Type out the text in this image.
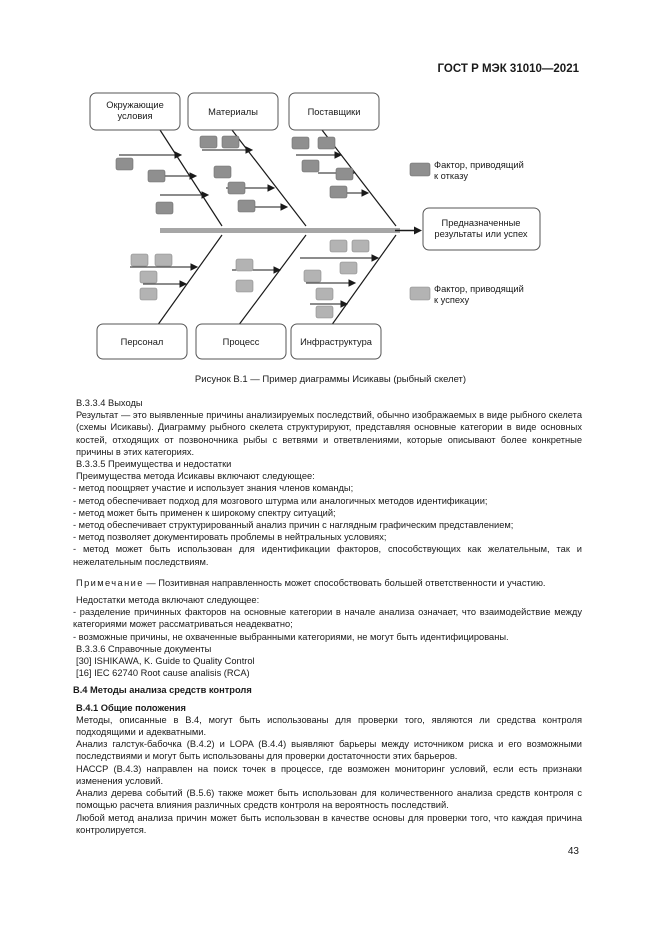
ГОСТ Р МЭК 31010—2021
Окружающие условия	Материалы	Поставщики
Персонал	Процесс	Инфраструктура
Предназначенные результаты или успех
Фактор, приводящий к отказу
Фактор, приводящий к успеху
Рисунок В.1 — Пример диаграммы Исикавы (рыбный скелет)

B.3.3.4 Выходы

Результат — это выявленные причины анализируемых последствий, обычно изображаемых в виде рыбного скелета (схемы Исикавы). Диаграмму рыбного скелета структурируют, представляя основные категории в виде основных костей, отходящих от позвоночника рыбы с ветвями и ответвлениями, которые описывают более конкретные причины в этих категориях.

B.3.3.5 Преимущества и недостатки

Преимущества метода Исикавы включают следующее:

- метод поощряет участие и использует знания членов команды;

- метод обеспечивает подход для мозгового штурма или аналогичных методов идентификации;

- метод может быть применен к широкому спектру ситуаций;

- метод обеспечивает структурированный анализ причин с наглядным графическим представлением;

- метод позволяет документировать проблемы в нейтральных условиях;

- метод может быть использован для идентификации факторов, способствующих как желательным, так и нежелательным последствиям.

Примечание — Позитивная направленность может способствовать большей ответственности и участию.

Недостатки метода включают следующее:

- разделение причинных факторов на основные категории в начале анализа означает, что взаимодействие между категориями может рассматриваться неадекватно;

- возможные причины, не охваченные выбранными категориями, не могут быть идентифицированы.

B.3.3.6 Справочные документы

[30] ISHIKAWA, K. Guide to Quality Control

[16] IEC 62740 Root cause analisis (RCA)

B.4 Методы анализа средств контроля

B.4.1 Общие положения

Методы, описанные в В.4, могут быть использованы для проверки того, являются ли средства контроля подходящими и адекватными.

Анализ галстук-бабочка (В.4.2) и LOPA (В.4.4) выявляют барьеры между источником риска и его возможными последствиями и могут быть использованы для проверки достаточности этих барьеров.

НАССР (В.4.3) направлен на поиск точек в процессе, где возможен мониторинг условий, если есть признаки изменения условий.

Анализ дерева событий (В.5.6) также может быть использован для количественного анализа средств контроля с помощью расчета влияния различных средств контроля на вероятность последствий.

Любой метод анализа причин может быть использован в качестве основы для проверки того, что каждая причина контролируется.

43
